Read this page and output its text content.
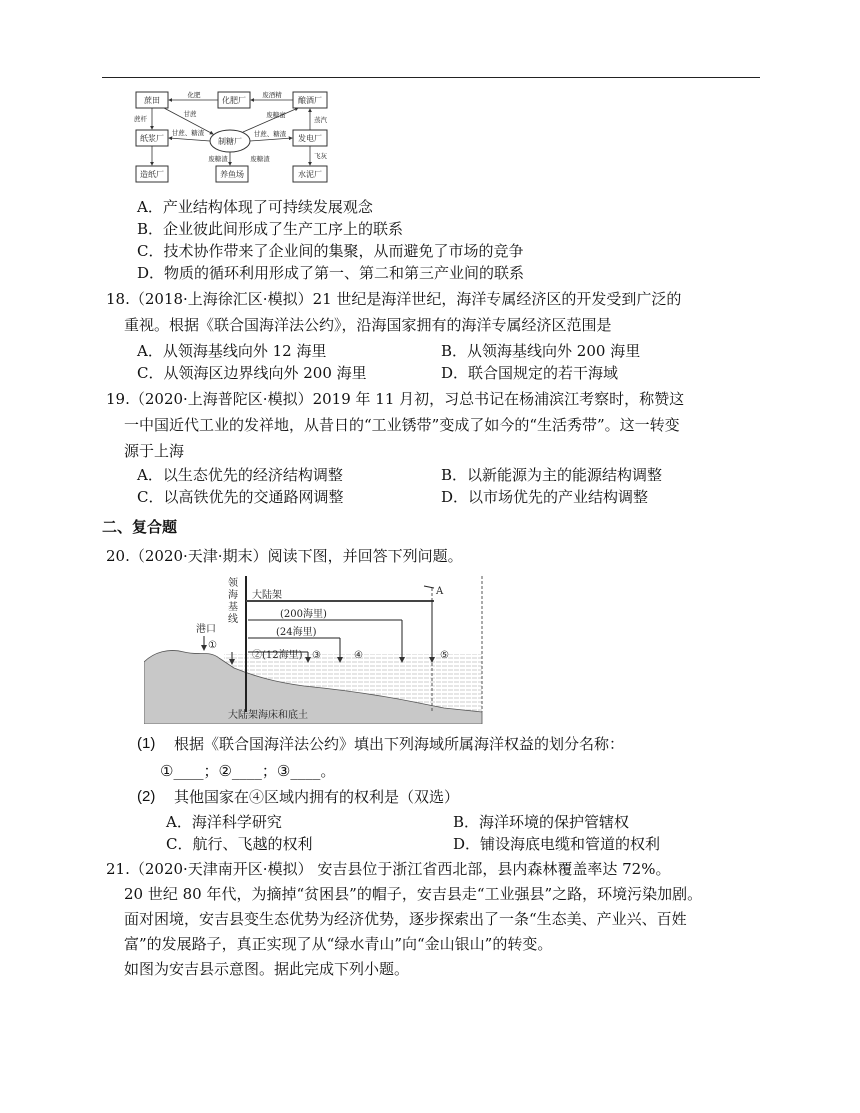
蔗田	化肥厂	酿酒厂
纸浆厂	制糖厂	发电厂
造纸厂	养鱼场	水泥厂
化肥	废酒精
甘蔗	废糖蜜
蔗杆
甘蔗、糖渣
蒸汽
甘蔗、糖渣
废糖渣	废糖渣	飞灰
A．产业结构体现了可持续发展观念
B．企业彼此间形成了生产工序上的联系
C．技术协作带来了企业间的集聚，从而避免了市场的竞争
D．物质的循环利用形成了第一、第二和第三产业间的联系
18.（2018·上海徐汇区·模拟）21 世纪是海洋世纪，海洋专属经济区的开发受到广泛的
重视。根据《联合国海洋法公约》，沿海国家拥有的海洋专属经济区范围是
A．从领海基线向外 12 海里	B．从领海基线向外 200 海里
C．从领海区边界线向外 200 海里	D．联合国规定的若干海域
19.（2020·上海普陀区·模拟）2019 年 11 月初，习总书记在杨浦滨江考察时，称赞这
一中国近代工业的发祥地，从昔日的“工业锈带”变成了如今的“生活秀带”。这一转变
源于上海
A．以生态优先的经济结构调整	B．以新能源为主的能源结构调整
C．以高铁优先的交通路网调整	D．以市场优先的产业结构调整
二、复合题
20.（2020·天津·期末）阅读下图，并回答下列问题。
领
海
基
线
港口
大陆架
(200海里)
(24海里)
②(12海里)
①
③	④	⑤
A
大陆架海床和底土
(1) 根据《联合国海洋法公约》填出下列海域所属海洋权益的划分名称：
①____；②____；③____。
(2) 其他国家在④区域内拥有的权利是（双选）
A．海洋科学研究	B．海洋环境的保护管辖权
C．航行、飞越的权利	D．铺设海底电缆和管道的权利
21.（2020·天津南开区·模拟） 安吉县位于浙江省西北部，县内森林覆盖率达 72%。
20 世纪 80 年代，为摘掉“贫困县”的帽子，安吉县走“工业强县”之路，环境污染加剧。
面对困境，安吉县变生态优势为经济优势，逐步探索出了一条“生态美、产业兴、百姓
富”的发展路子，真正实现了从“绿水青山”向“金山银山”的转变。
如图为安吉县示意图。据此完成下列小题。
